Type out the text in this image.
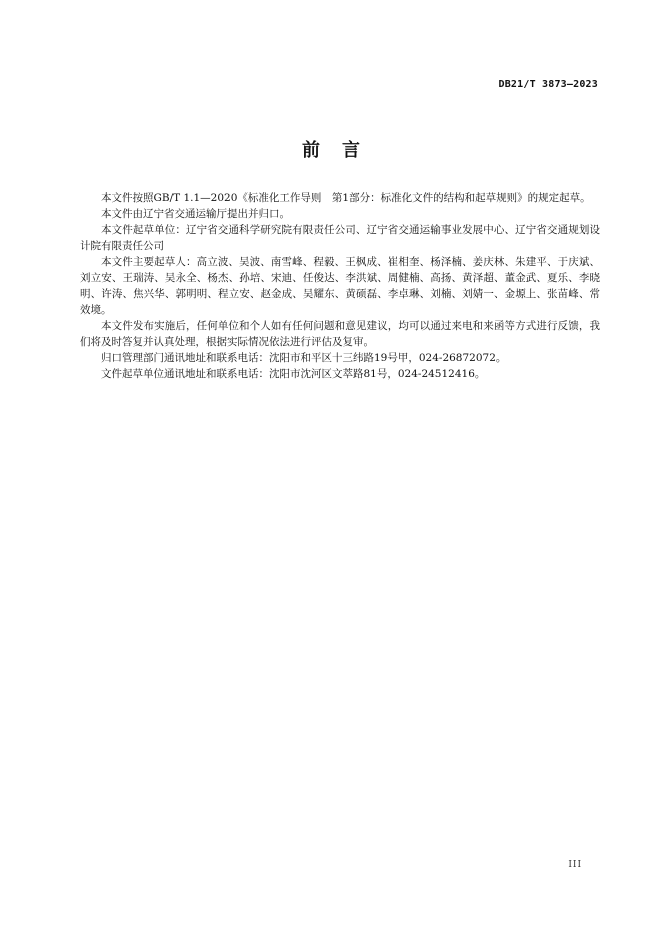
DB21/T 3873—2023
前言

本文件按照GB/T 1.1—2020《标准化工作导则　第1部分：标准化文件的结构和起草规则》的规定起草。

本文件由辽宁省交通运输厅提出并归口。

本文件起草单位：辽宁省交通科学研究院有限责任公司、辽宁省交通运输事业发展中心、辽宁省交通规划设计院有限责任公司

本文件主要起草人：高立波、吴波、南雪峰、程毅、王枫成、崔相奎、杨泽楠、姜庆林、朱建平、于庆斌、刘立安、王瑞涛、吴永全、杨杰、孙培、宋迪、任俊达、李洪斌、周健楠、高扬、黄泽超、董金武、夏乐、李晓明、许涛、焦兴华、郭明明、程立安、赵金成、吴耀东、黄硕磊、李卓琳、刘楠、刘婧一、金塬上、张苗峰、常效境。

本文件发布实施后，任何单位和个人如有任何问题和意见建议，均可以通过来电和来函等方式进行反馈，我们将及时答复并认真处理，根据实际情况依法进行评估及复审。

归口管理部门通讯地址和联系电话：沈阳市和平区十三纬路19号甲，024-26872072。

文件起草单位通讯地址和联系电话：沈阳市沈河区文萃路81号，024-24512416。

III
